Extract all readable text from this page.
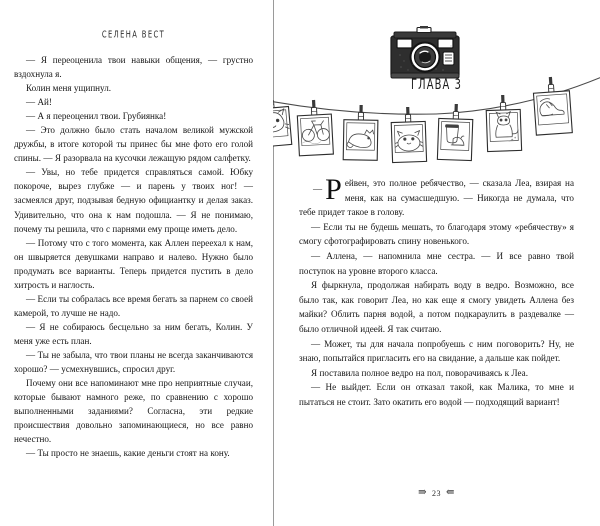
СЕЛЕНА ВЕСТ

— Я переоценила твои навыки общения, — грустно вздохнула я.

Колин меня ущипнул.

— Ай!

— А я переоценил твои. Грубиянка!

— Это должно было стать началом великой мужской дружбы, в итоге которой ты принес бы мне фото его голой спины. — Я разорвала на кусочки лежащую рядом салфетку.

— Увы, но тебе придется справляться самой. Юбку покороче, вырез глубже — и парень у твоих ног! — засмеялся друг, подзывая бедную официантку и делая заказ. Удивительно, что она к нам подошла. — Я не понимаю, почему ты решила, что с парнями ему проще иметь дело.

— Потому что с того момента, как Аллен переехал к нам, он швыряется девушками направо и налево. Нужно было продумать все варианты. Теперь придется пустить в дело хитрость и наглость.

— Если ты собралась все время бегать за парнем со своей камерой, то лучше не надо.

— Я не собираюсь бесцельно за ним бегать, Колин. У меня уже есть план.

— Ты не забыла, что твои планы не всегда заканчиваются хорошо? — усмехнувшись, спросил друг.

Почему они все напоминают мне про неприятные случаи, которые бывают намного реже, по сравнению с хорошо выполненными заданиями? Согласна, эти редкие происшествия довольно запоминающиеся, но все равно нечестно.

— Ты просто не знаешь, какие деньги стоят на кону.

ГЛАВА 3

— Р ейвен, это полное ребячество, — сказала Леа, взирая на меня, как на сумасшедшую. — Никогда не думала, что тебе придет такое в голову.

— Если ты не будешь мешать, то благодаря этому «ребячеству» я смогу сфотографировать спину новенького.

— Аллена, — напомнила мне сестра. — И все равно твой поступок на уровне второго класса.

Я фыркнула, продолжая набирать воду в ведро. Возможно, все было так, как говорит Леа, но как еще я смогу увидеть Аллена без майки? Облить парня водой, а потом подкараулить в раздевалке — было отличной идеей. Я так считаю.

— Может, ты для начала попробуешь с ним поговорить? Ну, не знаю, попытайся пригласить его на свидание, а дальше как пойдет.

Я поставила полное ведро на пол, поворачиваясь к Леа.

— Не выйдет. Если он отказал такой, как Малика, то мне и пытаться не стоит. Зато окатить его водой — подходящий вариант!

⇛ 23 ⇚
